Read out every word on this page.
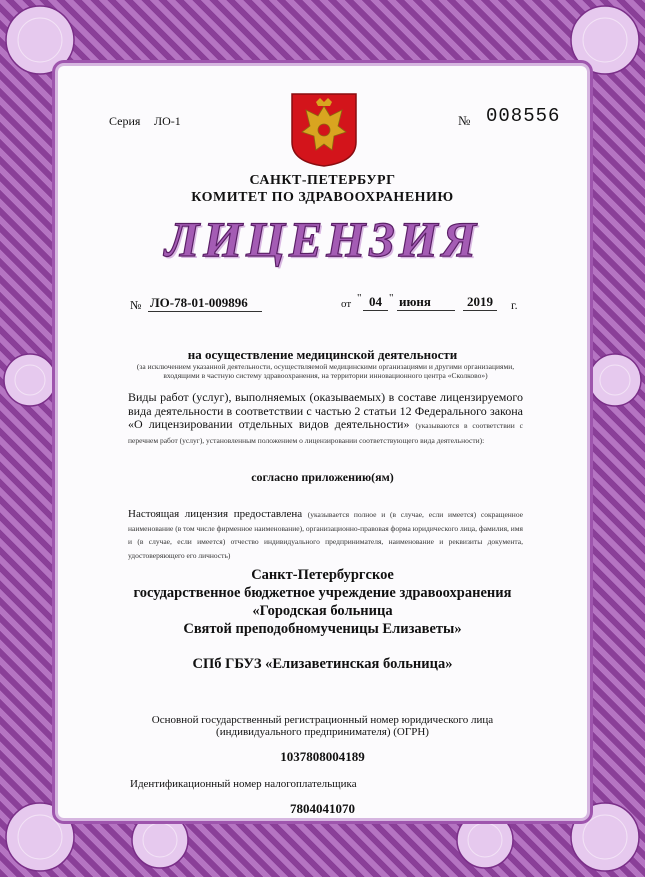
Серия ЛО-1	№ 008556
САНКТ-ПЕТЕРБУРГ
КОМИТЕТ ПО ЗДРАВООХРАНЕНИЮ
ЛИЦЕНЗИЯ
№ ЛО-78-01-009896	от " 04 " июня	2019	г.
на осуществление медицинской деятельности
(за исключением указанной деятельности, осуществляемой медицинскими организациями и другими организациями, входящими в частную систему здравоохранения, на территории инновационного центра «Сколково»)
Виды работ (услуг), выполняемых (оказываемых) в составе лицензируемого вида деятельности в соответствии с частью 2 статьи 12 Федерального закона «О лицензировании отдельных видов деятельности» (указываются в соответствии с перечнем работ (услуг), установленным положением о лицензировании соответствующего вида деятельности):
согласно приложению(ям)
Настоящая лицензия предоставлена (указывается полное и (в случае, если имеется) сокращенное наименование (в том числе фирменное наименование), организационно-правовая форма юридического лица, фамилия, имя и (в случае, если имеется) отчество индивидуального предпринимателя, наименование и реквизиты документа, удостоверяющего его личность)
Санкт-Петербургское
государственное бюджетное учреждение здравоохранения
«Городская больница
Святой преподобномученицы Елизаветы»
СПб ГБУЗ «Елизаветинская больница»
Основной государственный регистрационный номер юридического лица
(индивидуального предпринимателя) (ОГРН)
1037808004189
Идентификационный номер налогоплательщика
7804041070
